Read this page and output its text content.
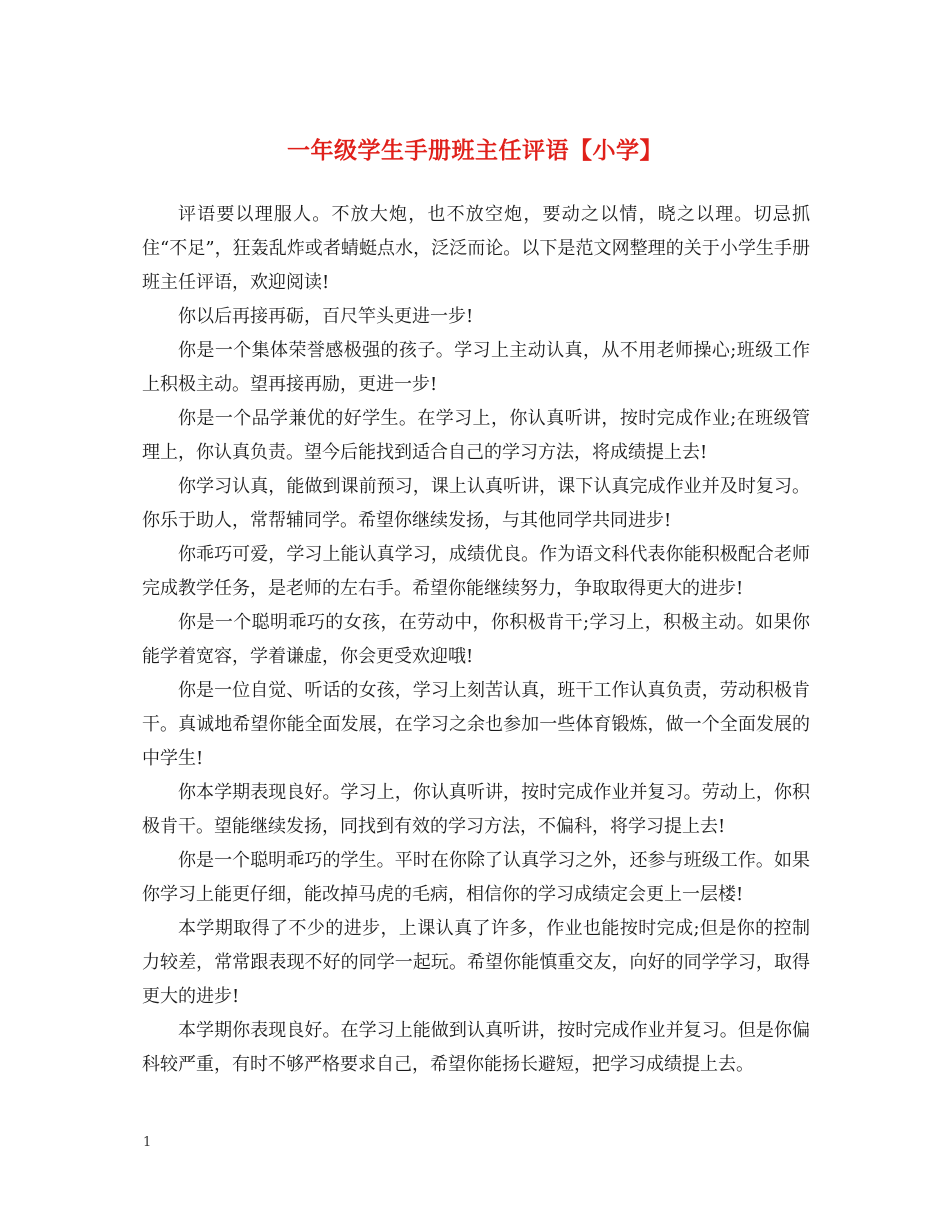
一年级学生手册班主任评语【小学】

评语要以理服人。不放大炮，也不放空炮，要动之以情，晓之以理。切忌抓住“不足”，狂轰乱炸或者蜻蜓点水，泛泛而论。以下是范文网整理的关于小学生手册班主任评语，欢迎阅读!

你以后再接再砺，百尺竿头更进一步!

你是一个集体荣誉感极强的孩子。学习上主动认真，从不用老师操心;班级工作上积极主动。望再接再励，更进一步!

你是一个品学兼优的好学生。在学习上，你认真听讲，按时完成作业;在班级管理上，你认真负责。望今后能找到适合自己的学习方法，将成绩提上去!

你学习认真，能做到课前预习，课上认真听讲，课下认真完成作业并及时复习。你乐于助人，常帮辅同学。希望你继续发扬，与其他同学共同进步!

你乖巧可爱，学习上能认真学习，成绩优良。作为语文科代表你能积极配合老师完成教学任务，是老师的左右手。希望你能继续努力，争取取得更大的进步!

你是一个聪明乖巧的女孩，在劳动中，你积极肯干;学习上，积极主动。如果你能学着宽容，学着谦虚，你会更受欢迎哦!

你是一位自觉、听话的女孩，学习上刻苦认真，班干工作认真负责，劳动积极肯干。真诚地希望你能全面发展，在学习之余也参加一些体育锻炼，做一个全面发展的中学生!

你本学期表现良好。学习上，你认真听讲，按时完成作业并复习。劳动上，你积极肯干。望能继续发扬，同找到有效的学习方法，不偏科，将学习提上去!

你是一个聪明乖巧的学生。平时在你除了认真学习之外，还参与班级工作。如果你学习上能更仔细，能改掉马虎的毛病，相信你的学习成绩定会更上一层楼!

本学期取得了不少的进步，上课认真了许多，作业也能按时完成;但是你的控制力较差，常常跟表现不好的同学一起玩。希望你能慎重交友，向好的同学学习，取得更大的进步!

本学期你表现良好。在学习上能做到认真听讲，按时完成作业并复习。但是你偏科较严重，有时不够严格要求自己，希望你能扬长避短，把学习成绩提上去。

1
